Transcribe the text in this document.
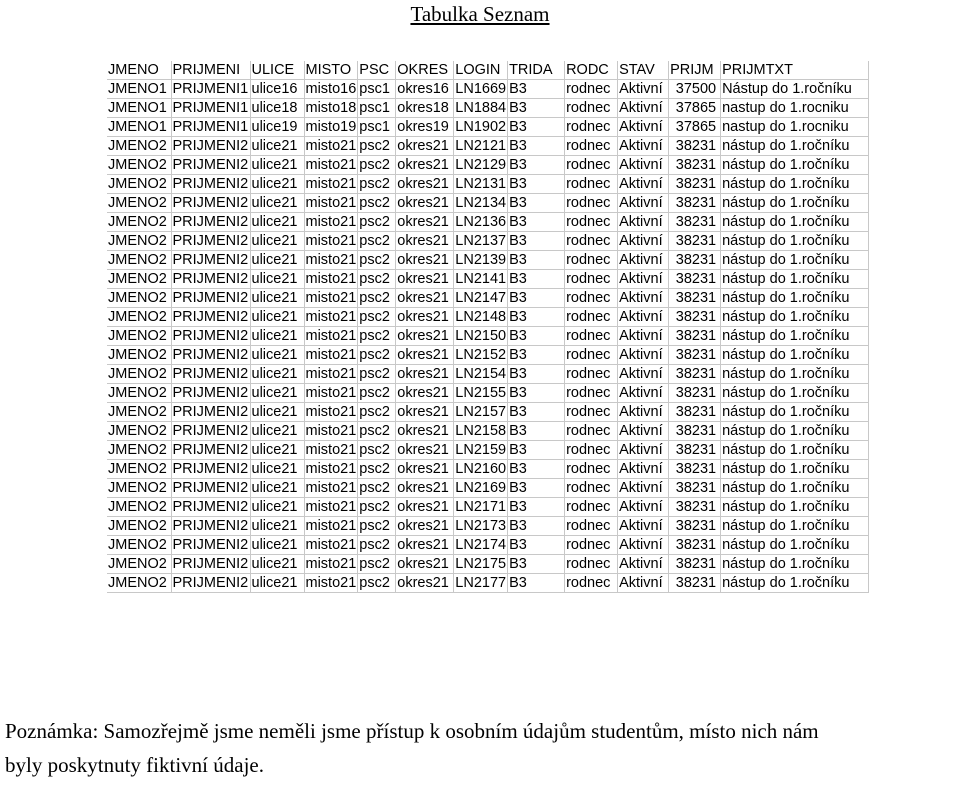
Tabulka Seznam
JMENO	PRIJMENI	ULICE	MISTO	PSC	OKRES	LOGIN	TRIDA	RODC	STAV	PRIJM	PRIJMTXT
JMENO1	PRIJMENI1	ulice16	misto16	psc1	okres16	LN1669	B3	rodnec	Aktivní	37500	Nástup do 1.ročníku
JMENO1	PRIJMENI1	ulice18	misto18	psc1	okres18	LN1884	B3	rodnec	Aktivní	37865	nastup do 1.rocniku
JMENO1	PRIJMENI1	ulice19	misto19	psc1	okres19	LN1902	B3	rodnec	Aktivní	37865	nastup do 1.rocniku
JMENO2	PRIJMENI2	ulice21	misto21	psc2	okres21	LN2121	B3	rodnec	Aktivní	38231	nástup do 1.ročníku
JMENO2	PRIJMENI2	ulice21	misto21	psc2	okres21	LN2129	B3	rodnec	Aktivní	38231	nástup do 1.ročníku
JMENO2	PRIJMENI2	ulice21	misto21	psc2	okres21	LN2131	B3	rodnec	Aktivní	38231	nástup do 1.ročníku
JMENO2	PRIJMENI2	ulice21	misto21	psc2	okres21	LN2134	B3	rodnec	Aktivní	38231	nástup do 1.ročníku
JMENO2	PRIJMENI2	ulice21	misto21	psc2	okres21	LN2136	B3	rodnec	Aktivní	38231	nástup do 1.ročníku
JMENO2	PRIJMENI2	ulice21	misto21	psc2	okres21	LN2137	B3	rodnec	Aktivní	38231	nástup do 1.ročníku
JMENO2	PRIJMENI2	ulice21	misto21	psc2	okres21	LN2139	B3	rodnec	Aktivní	38231	nástup do 1.ročníku
JMENO2	PRIJMENI2	ulice21	misto21	psc2	okres21	LN2141	B3	rodnec	Aktivní	38231	nástup do 1.ročníku
JMENO2	PRIJMENI2	ulice21	misto21	psc2	okres21	LN2147	B3	rodnec	Aktivní	38231	nástup do 1.ročníku
JMENO2	PRIJMENI2	ulice21	misto21	psc2	okres21	LN2148	B3	rodnec	Aktivní	38231	nástup do 1.ročníku
JMENO2	PRIJMENI2	ulice21	misto21	psc2	okres21	LN2150	B3	rodnec	Aktivní	38231	nástup do 1.ročníku
JMENO2	PRIJMENI2	ulice21	misto21	psc2	okres21	LN2152	B3	rodnec	Aktivní	38231	nástup do 1.ročníku
JMENO2	PRIJMENI2	ulice21	misto21	psc2	okres21	LN2154	B3	rodnec	Aktivní	38231	nástup do 1.ročníku
JMENO2	PRIJMENI2	ulice21	misto21	psc2	okres21	LN2155	B3	rodnec	Aktivní	38231	nástup do 1.ročníku
JMENO2	PRIJMENI2	ulice21	misto21	psc2	okres21	LN2157	B3	rodnec	Aktivní	38231	nástup do 1.ročníku
JMENO2	PRIJMENI2	ulice21	misto21	psc2	okres21	LN2158	B3	rodnec	Aktivní	38231	nástup do 1.ročníku
JMENO2	PRIJMENI2	ulice21	misto21	psc2	okres21	LN2159	B3	rodnec	Aktivní	38231	nástup do 1.ročníku
JMENO2	PRIJMENI2	ulice21	misto21	psc2	okres21	LN2160	B3	rodnec	Aktivní	38231	nástup do 1.ročníku
JMENO2	PRIJMENI2	ulice21	misto21	psc2	okres21	LN2169	B3	rodnec	Aktivní	38231	nástup do 1.ročníku
JMENO2	PRIJMENI2	ulice21	misto21	psc2	okres21	LN2171	B3	rodnec	Aktivní	38231	nástup do 1.ročníku
JMENO2	PRIJMENI2	ulice21	misto21	psc2	okres21	LN2173	B3	rodnec	Aktivní	38231	nástup do 1.ročníku
JMENO2	PRIJMENI2	ulice21	misto21	psc2	okres21	LN2174	B3	rodnec	Aktivní	38231	nástup do 1.ročníku
JMENO2	PRIJMENI2	ulice21	misto21	psc2	okres21	LN2175	B3	rodnec	Aktivní	38231	nástup do 1.ročníku
JMENO2	PRIJMENI2	ulice21	misto21	psc2	okres21	LN2177	B3	rodnec	Aktivní	38231	nástup do 1.ročníku
Poznámka: Samozřejmě jsme neměli jsme přístup k osobním údajům studentům, místo nich nám
byly poskytnuty fiktivní údaje.
